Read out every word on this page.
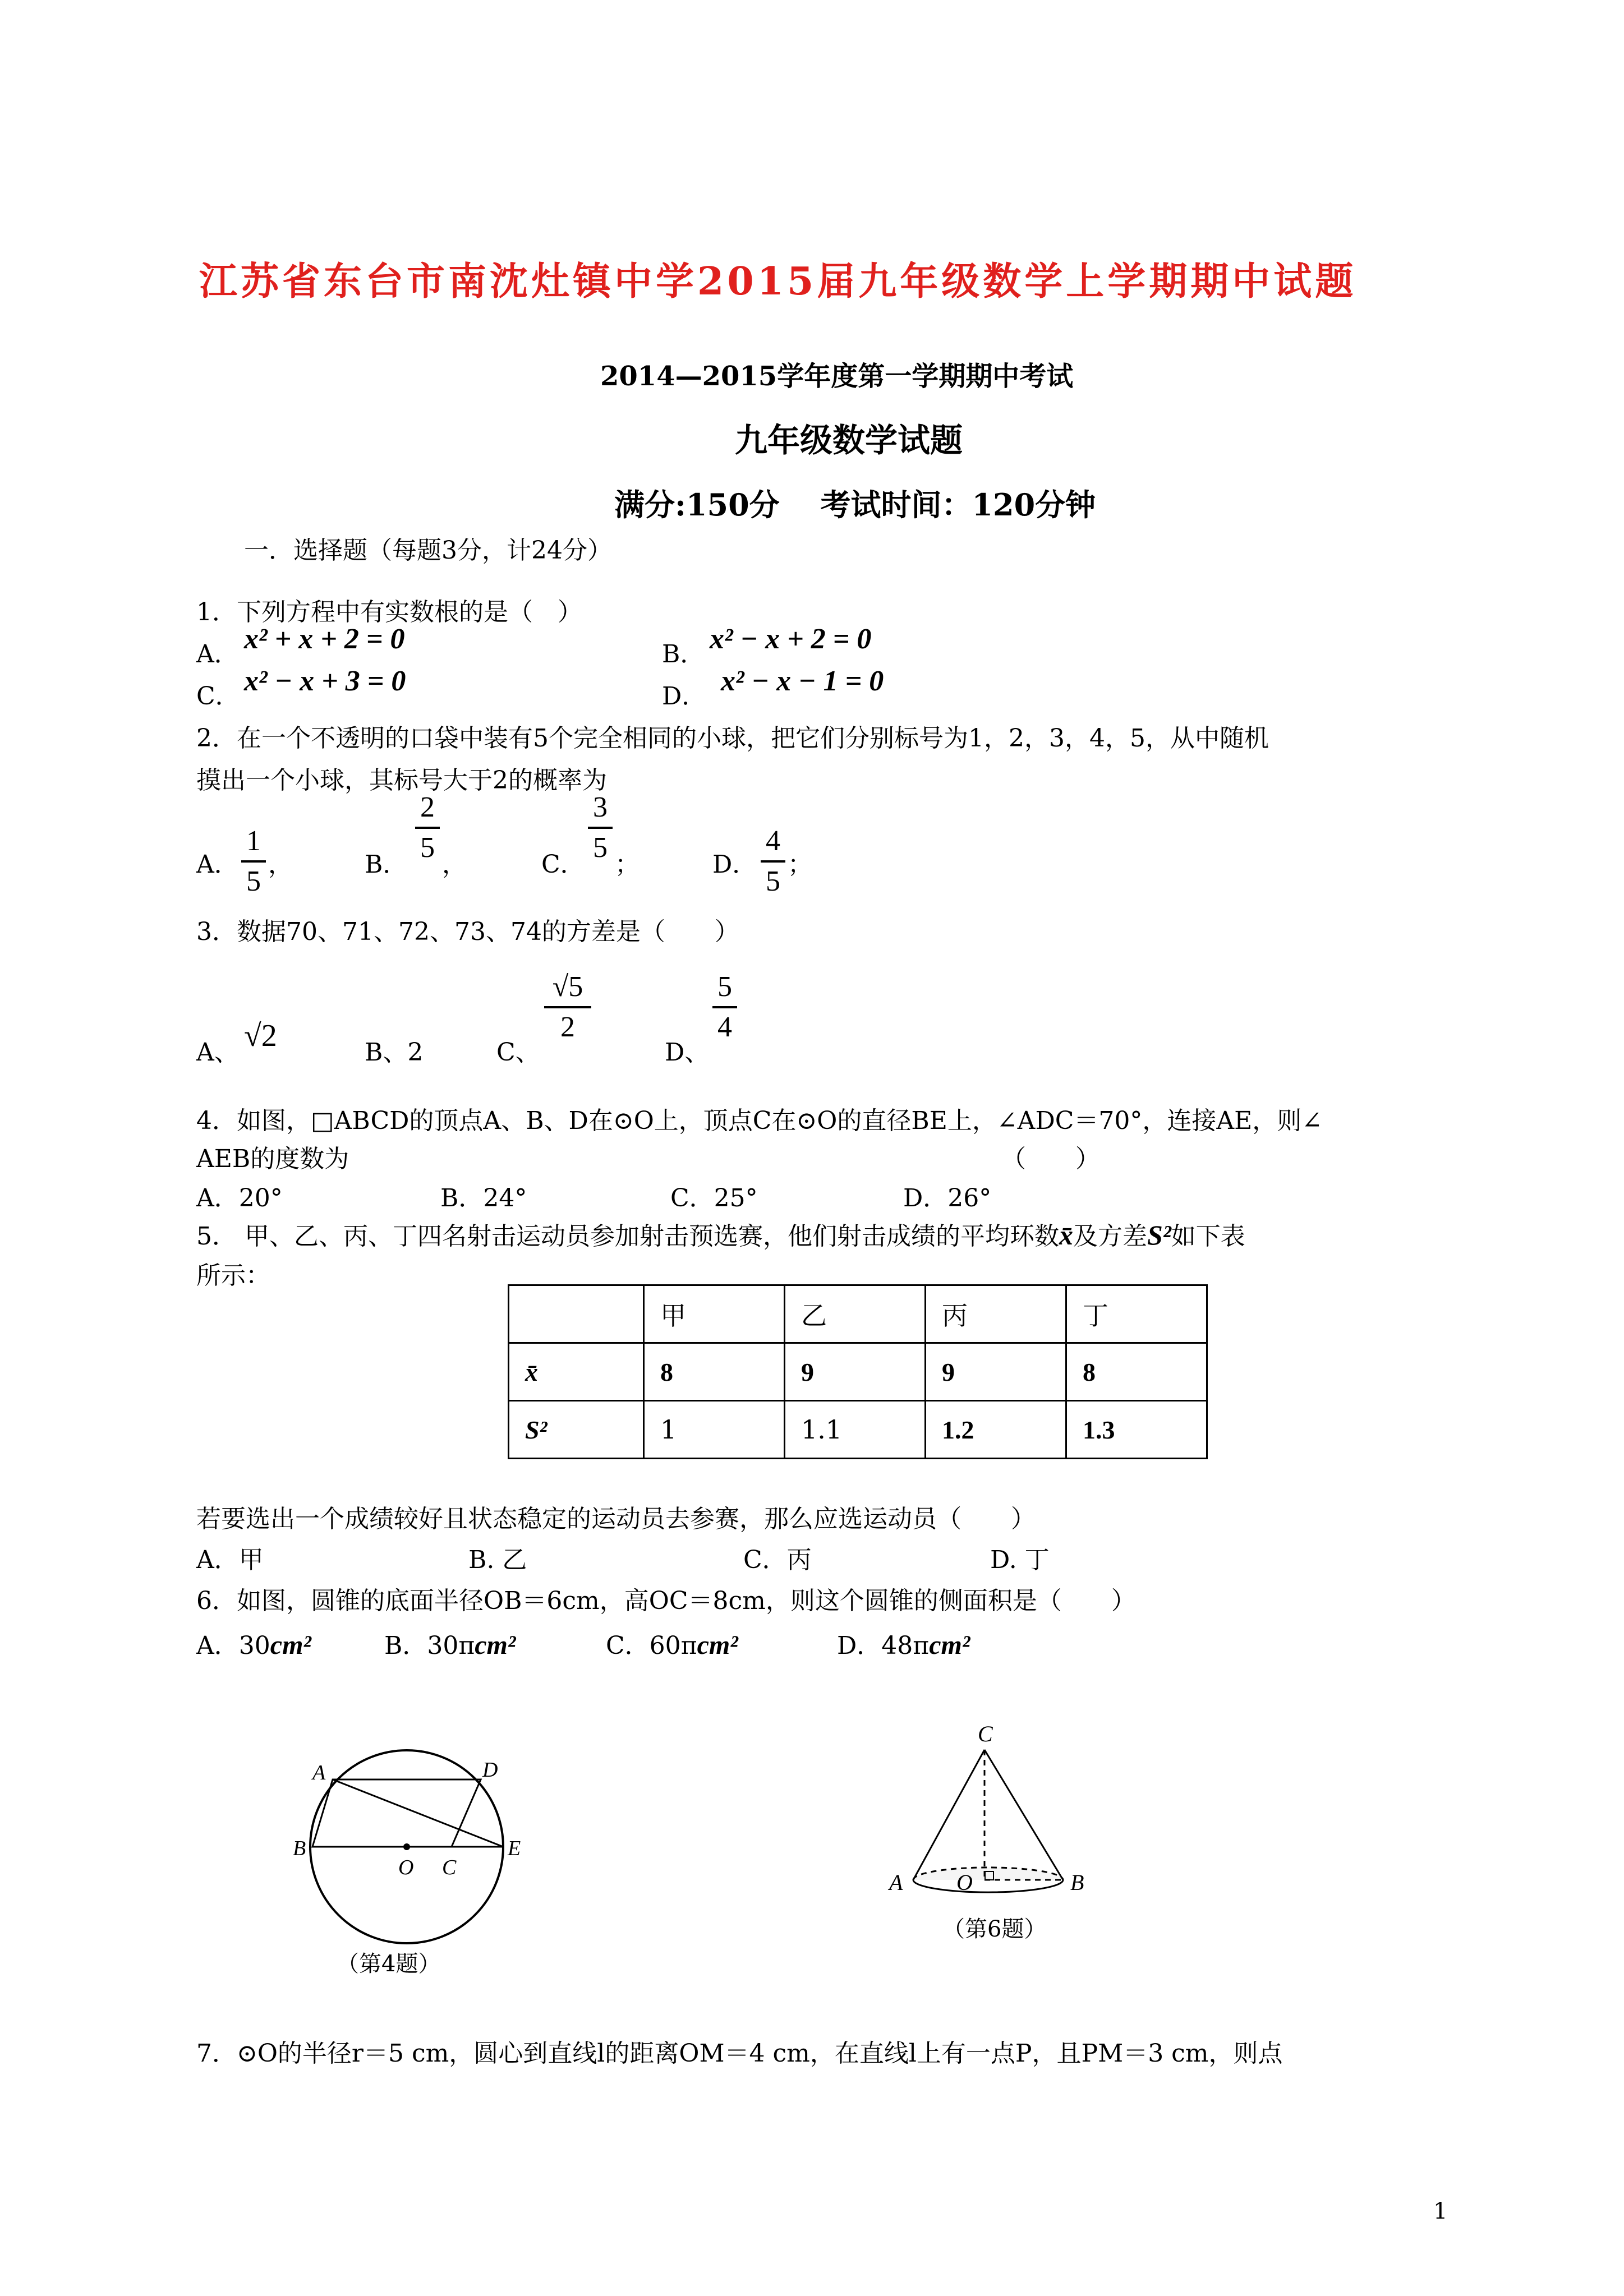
江苏省东台市南沈灶镇中学2015届九年级数学上学期期中试题
2014—2015学年度第一学期期中考试
九年级数学试题
满分:150分　 考试时间：120分钟
一．选择题（每题3分，计24分）
1．下列方程中有实数根的是（　）
A． x² + x + 2 = 0	B． x² − x + 2 = 0
C． x² − x + 3 = 0	D． x² − x − 1 = 0
2．在一个不透明的口袋中装有5个完全相同的小球，把它们分别标号为1，2，3，4，5，从中随机
摸出一个小球，其标号大于2的概率为
A．
1
5
，	B．
2
5
，	C．
3
5
；	D．
4
5
；
3．数据70、71、72、73、74的方差是（　　）
A、 √2	B、2	C、
√5
2
D、
5
4
4．如图，□ABCD的顶点A、B、D在⊙O上，顶点C在⊙O的直径BE上，∠ADC＝70°，连接AE，则∠
AEB的度数为	（　　）
A．20°	B．24°	C．25°	D．26°
5． 甲、乙、丙、丁四名射击运动员参加射击预选赛，他们射击成绩的平均环数x̄及方差S²如下表
所示：
	甲	乙	丙	丁
x̄	8	9	9	8
S²	1	1.1	1.2	1.3
若要选出一个成绩较好且状态稳定的运动员去参赛，那么应选运动员（　　）
A．甲	B. 乙	C．丙	D. 丁
6．如图，圆锥的底面半径OB＝6cm，高OC＝8cm，则这个圆锥的侧面积是（　　）
A．30cm²	B．30πcm²	C．60πcm²	D．48πcm²
A	D
B
O C
E
（第4题）
C
A O	B
（第6题）
7．⊙O的半径r＝5 cm，圆心到直线l的距离OM＝4 cm，在直线l上有一点P，且PM＝3 cm，则点
1
